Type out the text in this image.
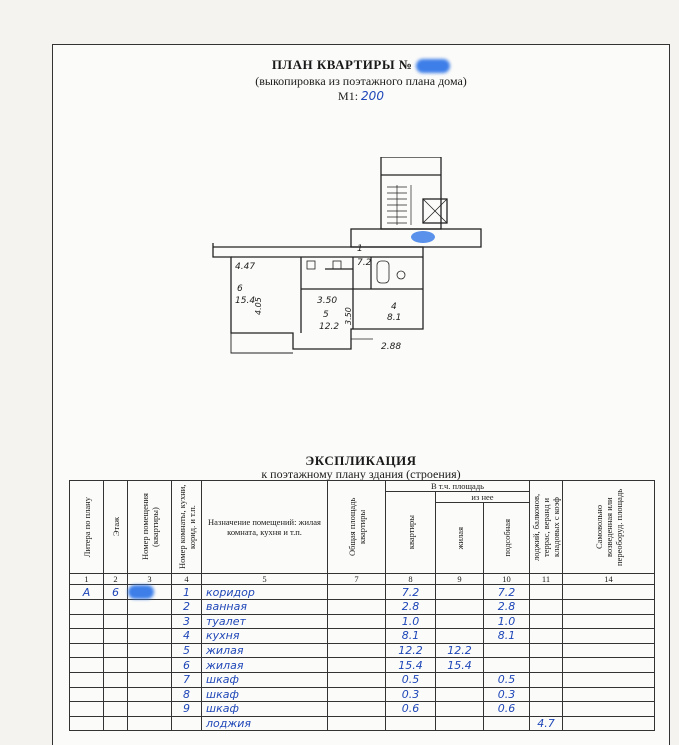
ПЛАН КВАРТИРЫ №
(выкопировка из поэтажного плана дома)
М1: 200
4.47
4.05	3.50
3.50
2.88
6
15.4
5
12.2
4
8.1
1
7.2
ЭКСПЛИКАЦИЯ
к поэтажному плану здания (строения)
Литера по плану	Этаж	Номер помещения (квартиры)	Номер комнаты, кухни, корид. и т.п.	Назначение помещений: жилая комната, кухня и т.п.	Общая площадь квартиры	В т.ч. площадь			лоджий, балконов, террас, веранд и кладовых с коэф	Самовольно возведенная или переоборуд. площадь

						квартиры	из нее			

							жилая	подсобная		

1	2	3	4	5	7	8	9	10	11	14
А	6		1	коридор		7.2		7.2		
			2	ванная		2.8		2.8		
			3	туалет		1.0		1.0		
			4	кухня		8.1		8.1		
			5	жилая		12.2	12.2			
			6	жилая		15.4	15.4			
			7	шкаф		0.5		0.5		
			8	шкаф		0.3		0.3		
			9	шкаф		0.6		0.6		
				лоджия					4.7	
